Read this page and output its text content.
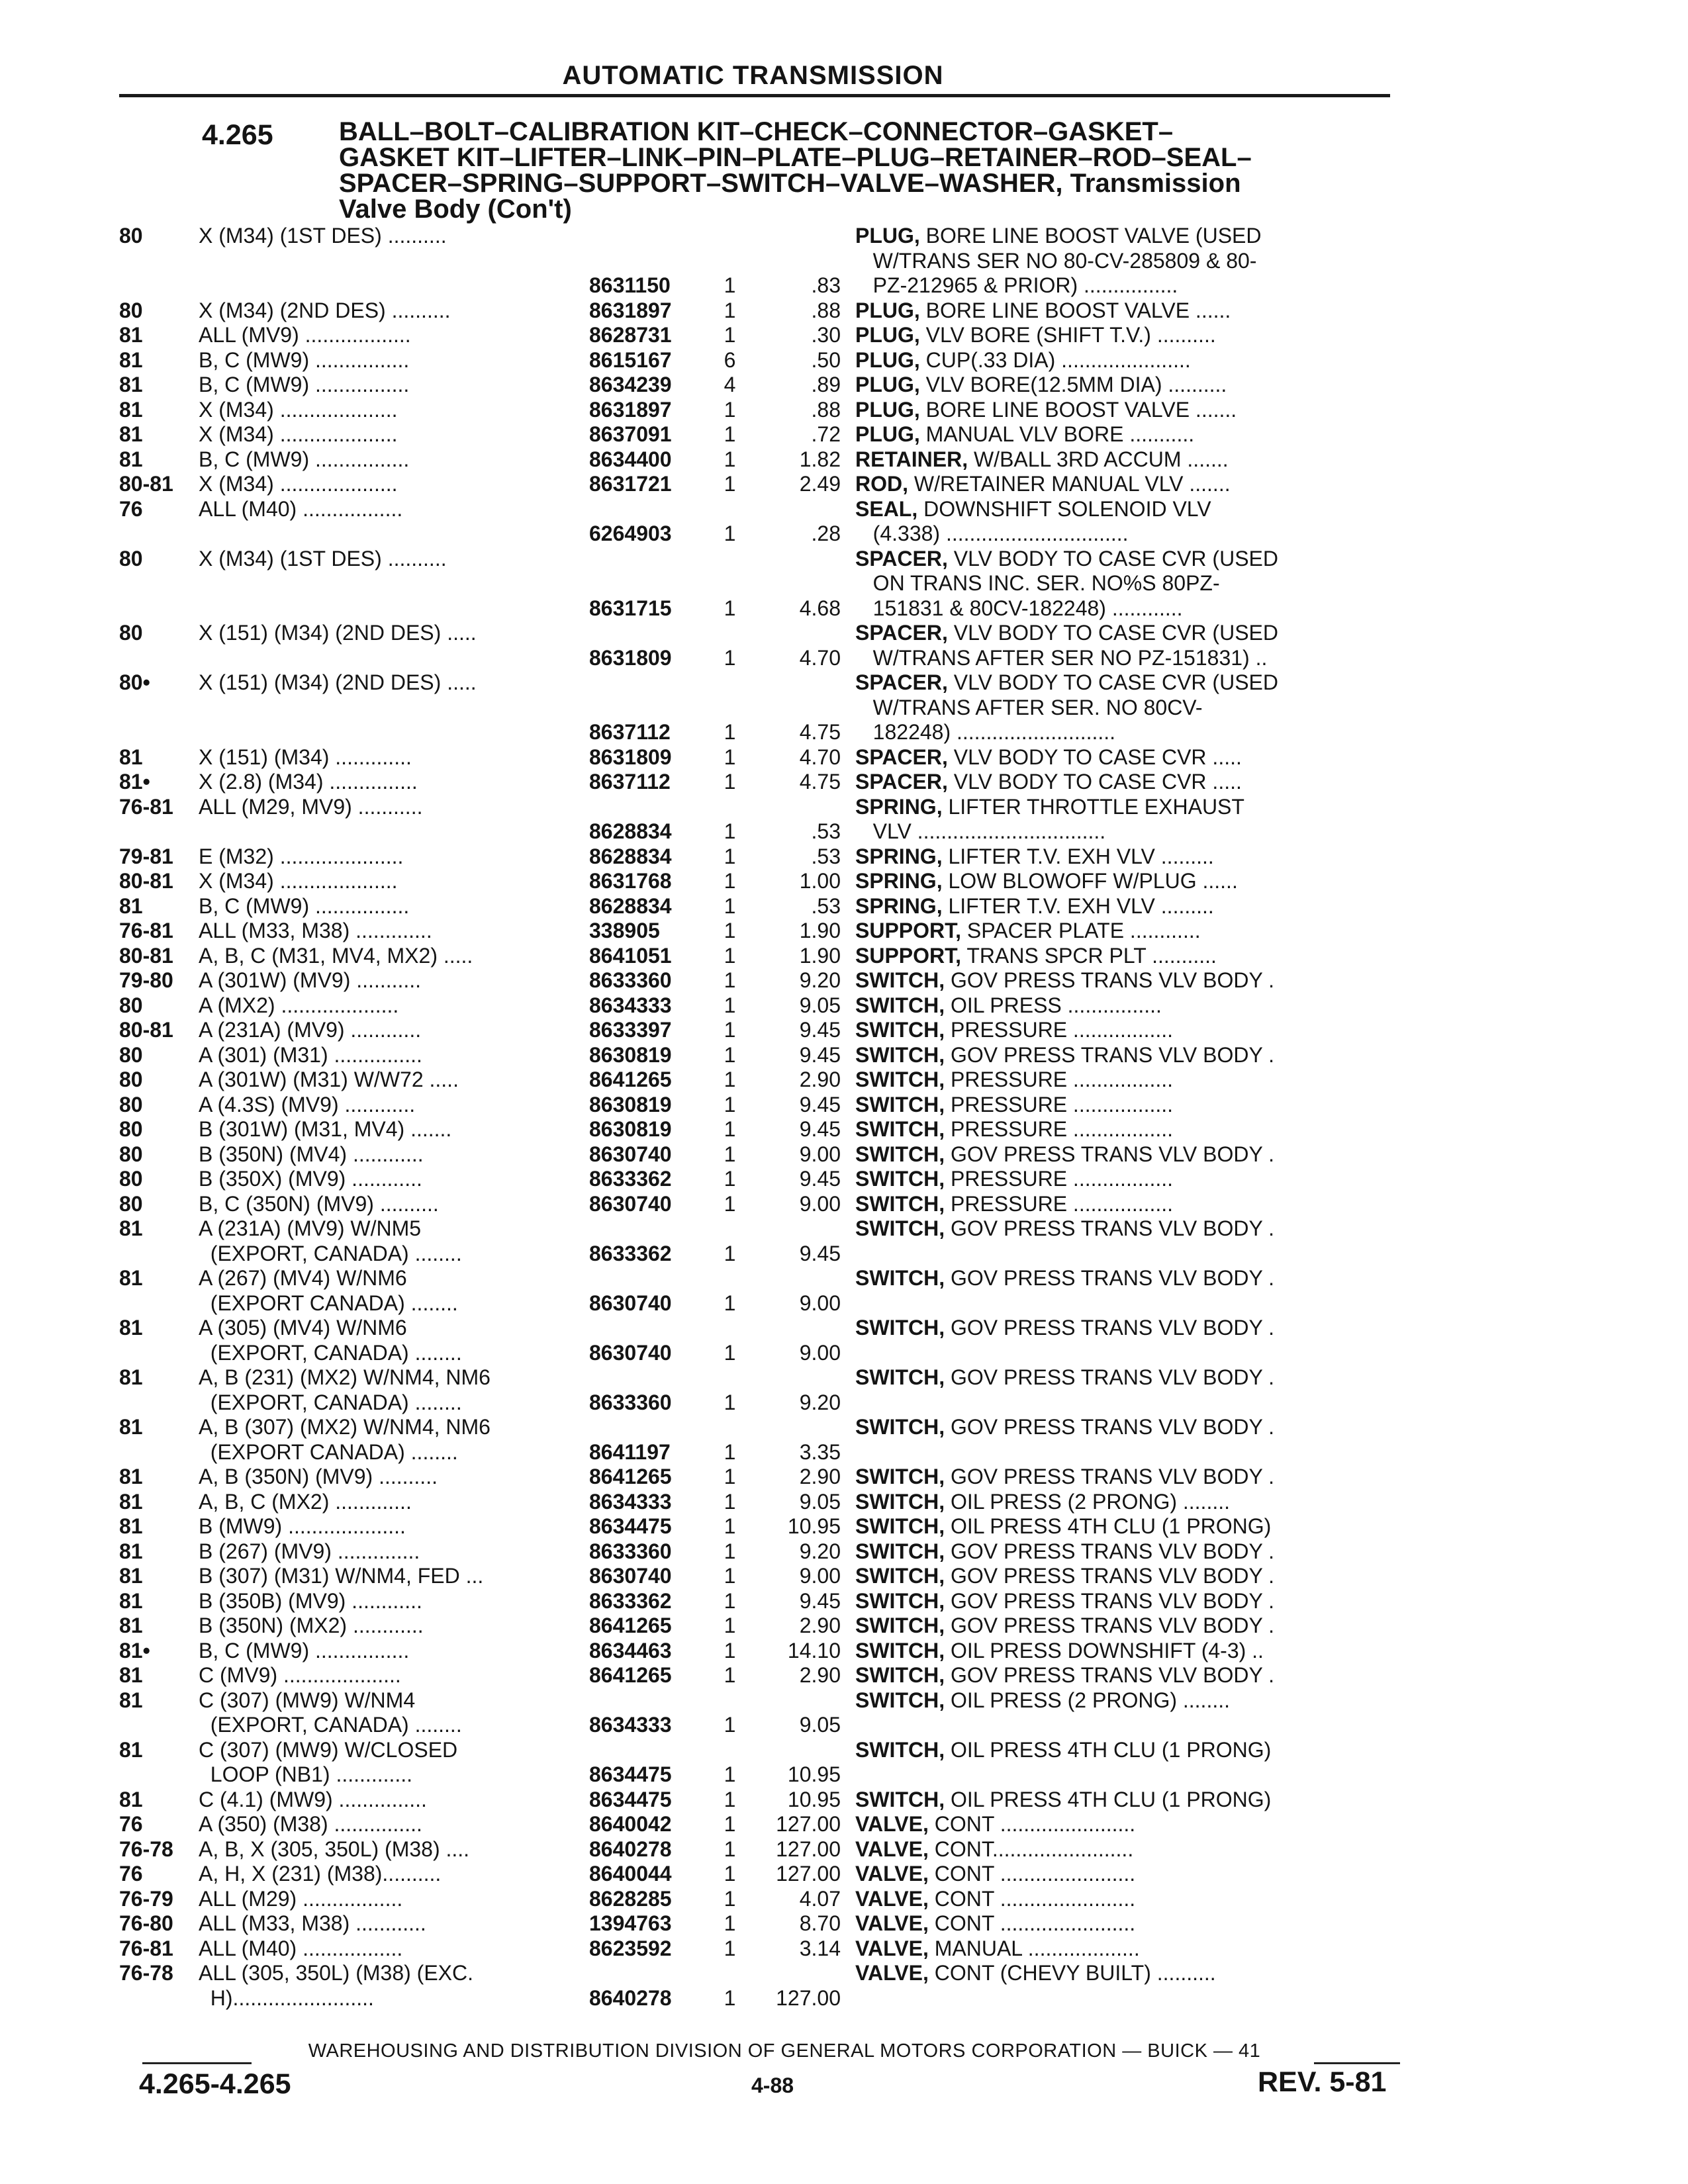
AUTOMATIC TRANSMISSION
4.265 BALL–BOLT–CALIBRATION KIT–CHECK–CONNECTOR–GASKET–
GASKET KIT–LIFTER–LINK–PIN–PLATE–PLUG–RETAINER–ROD–SEAL–
SPACER–SPRING–SUPPORT–SWITCH–VALVE–WASHER, Transmission
Valve Body (Con't)
80	X (M34) (1ST DES) ..........				PLUG, BORE LINE BOOST VALVE (USED
					W/TRANS SER NO 80-CV-285809 & 80-
		8631150	1	.83	PZ-212965 & PRIOR) ................
80	X (M34) (2ND DES) ..........	8631897	1	.88	PLUG, BORE LINE BOOST VALVE ......
81	ALL (MV9) ..................	8628731	1	.30	PLUG, VLV BORE (SHIFT T.V.) ..........
81	B, C (MW9) ................	8615167	6	.50	PLUG, CUP(.33 DIA) ......................
81	B, C (MW9) ................	8634239	4	.89	PLUG, VLV BORE(12.5MM DIA) ..........
81	X (M34) ....................	8631897	1	.88	PLUG, BORE LINE BOOST VALVE .......
81	X (M34) ....................	8637091	1	.72	PLUG, MANUAL VLV BORE ...........
81	B, C (MW9) ................	8634400	1	1.82	RETAINER, W/BALL 3RD ACCUM .......
80-81	X (M34) ....................	8631721	1	2.49	ROD, W/RETAINER MANUAL VLV .......
76	ALL (M40) .................				SEAL, DOWNSHIFT SOLENOID VLV
		6264903	1	.28	(4.338) ...............................
80	X (M34) (1ST DES) ..........				SPACER, VLV BODY TO CASE CVR (USED
					ON TRANS INC. SER. NO%S 80PZ-
		8631715	1	4.68	151831 & 80CV-182248) ............
80	X (151) (M34) (2ND DES) .....				SPACER, VLV BODY TO CASE CVR (USED
		8631809	1	4.70	W/TRANS AFTER SER NO PZ-151831) ..
80•	X (151) (M34) (2ND DES) .....				SPACER, VLV BODY TO CASE CVR (USED
					W/TRANS AFTER SER. NO 80CV-
		8637112	1	4.75	182248) ...........................
81	X (151) (M34) .............	8631809	1	4.70	SPACER, VLV BODY TO CASE CVR .....
81•	X (2.8) (M34) ...............	8637112	1	4.75	SPACER, VLV BODY TO CASE CVR .....
76-81	ALL (M29, MV9) ...........				SPRING, LIFTER THROTTLE EXHAUST
		8628834	1	.53	VLV ................................
79-81	E (M32) .....................	8628834	1	.53	SPRING, LIFTER T.V. EXH VLV .........
80-81	X (M34) ....................	8631768	1	1.00	SPRING, LOW BLOWOFF W/PLUG ......
81	B, C (MW9) ................	8628834	1	.53	SPRING, LIFTER T.V. EXH VLV .........
76-81	ALL (M33, M38) .............	338905	1	1.90	SUPPORT, SPACER PLATE ............
80-81	A, B, C (M31, MV4, MX2) .....	8641051	1	1.90	SUPPORT, TRANS SPCR PLT ...........
79-80	A (301W) (MV9) ...........	8633360	1	9.20	SWITCH, GOV PRESS TRANS VLV BODY .
80	A (MX2) ....................	8634333	1	9.05	SWITCH, OIL PRESS ................
80-81	A (231A) (MV9) ............	8633397	1	9.45	SWITCH, PRESSURE .................
80	A (301) (M31) ...............	8630819	1	9.45	SWITCH, GOV PRESS TRANS VLV BODY .
80	A (301W) (M31) W/W72 .....	8641265	1	2.90	SWITCH, PRESSURE .................
80	A (4.3S) (MV9) ............	8630819	1	9.45	SWITCH, PRESSURE .................
80	B (301W) (M31, MV4) .......	8630819	1	9.45	SWITCH, PRESSURE .................
80	B (350N) (MV4) ............	8630740	1	9.00	SWITCH, GOV PRESS TRANS VLV BODY .
80	B (350X) (MV9) ............	8633362	1	9.45	SWITCH, PRESSURE .................
80	B, C (350N) (MV9) ..........	8630740	1	9.00	SWITCH, PRESSURE .................
81	A (231A) (MV9) W/NM5				SWITCH, GOV PRESS TRANS VLV BODY .
	(EXPORT, CANADA) ........	8633362	1	9.45	
81	A (267) (MV4) W/NM6				SWITCH, GOV PRESS TRANS VLV BODY .
	(EXPORT CANADA) ........	8630740	1	9.00	
81	A (305) (MV4) W/NM6				SWITCH, GOV PRESS TRANS VLV BODY .
	(EXPORT, CANADA) ........	8630740	1	9.00	
81	A, B (231) (MX2) W/NM4, NM6				SWITCH, GOV PRESS TRANS VLV BODY .
	(EXPORT, CANADA) ........	8633360	1	9.20	
81	A, B (307) (MX2) W/NM4, NM6				SWITCH, GOV PRESS TRANS VLV BODY .
	(EXPORT CANADA) ........	8641197	1	3.35	
81	A, B (350N) (MV9) ..........	8641265	1	2.90	SWITCH, GOV PRESS TRANS VLV BODY .
81	A, B, C (MX2) .............	8634333	1	9.05	SWITCH, OIL PRESS (2 PRONG) ........
81	B (MW9) ....................	8634475	1	10.95	SWITCH, OIL PRESS 4TH CLU (1 PRONG)
81	B (267) (MV9) ..............	8633360	1	9.20	SWITCH, GOV PRESS TRANS VLV BODY .
81	B (307) (M31) W/NM4, FED ...	8630740	1	9.00	SWITCH, GOV PRESS TRANS VLV BODY .
81	B (350B) (MV9) ............	8633362	1	9.45	SWITCH, GOV PRESS TRANS VLV BODY .
81	B (350N) (MX2) ............	8641265	1	2.90	SWITCH, GOV PRESS TRANS VLV BODY .
81•	B, C (MW9) ................	8634463	1	14.10	SWITCH, OIL PRESS DOWNSHIFT (4-3) ..
81	C (MV9) ....................	8641265	1	2.90	SWITCH, GOV PRESS TRANS VLV BODY .
81	C (307) (MW9) W/NM4				SWITCH, OIL PRESS (2 PRONG) ........
	(EXPORT, CANADA) ........	8634333	1	9.05	
81	C (307) (MW9) W/CLOSED				SWITCH, OIL PRESS 4TH CLU (1 PRONG)
	LOOP (NB1) .............	8634475	1	10.95	
81	C (4.1) (MW9) ...............	8634475	1	10.95	SWITCH, OIL PRESS 4TH CLU (1 PRONG)
76	A (350) (M38) ...............	8640042	1	127.00	VALVE, CONT .......................
76-78	A, B, X (305, 350L) (M38) ....	8640278	1	127.00	VALVE, CONT........................
76	A, H, X (231) (M38)..........	8640044	1	127.00	VALVE, CONT .......................
76-79	ALL (M29) .................	8628285	1	4.07	VALVE, CONT .......................
76-80	ALL (M33, M38) ............	1394763	1	8.70	VALVE, CONT .......................
76-81	ALL (M40) .................	8623592	1	3.14	VALVE, MANUAL ...................
76-78	ALL (305, 350L) (M38) (EXC.				VALVE, CONT (CHEVY BUILT) ..........
	H)........................	8640278	1	127.00	
WAREHOUSING AND DISTRIBUTION DIVISION OF GENERAL MOTORS CORPORATION — BUICK — 41
4.265-4.265	4-88	REV. 5-81
